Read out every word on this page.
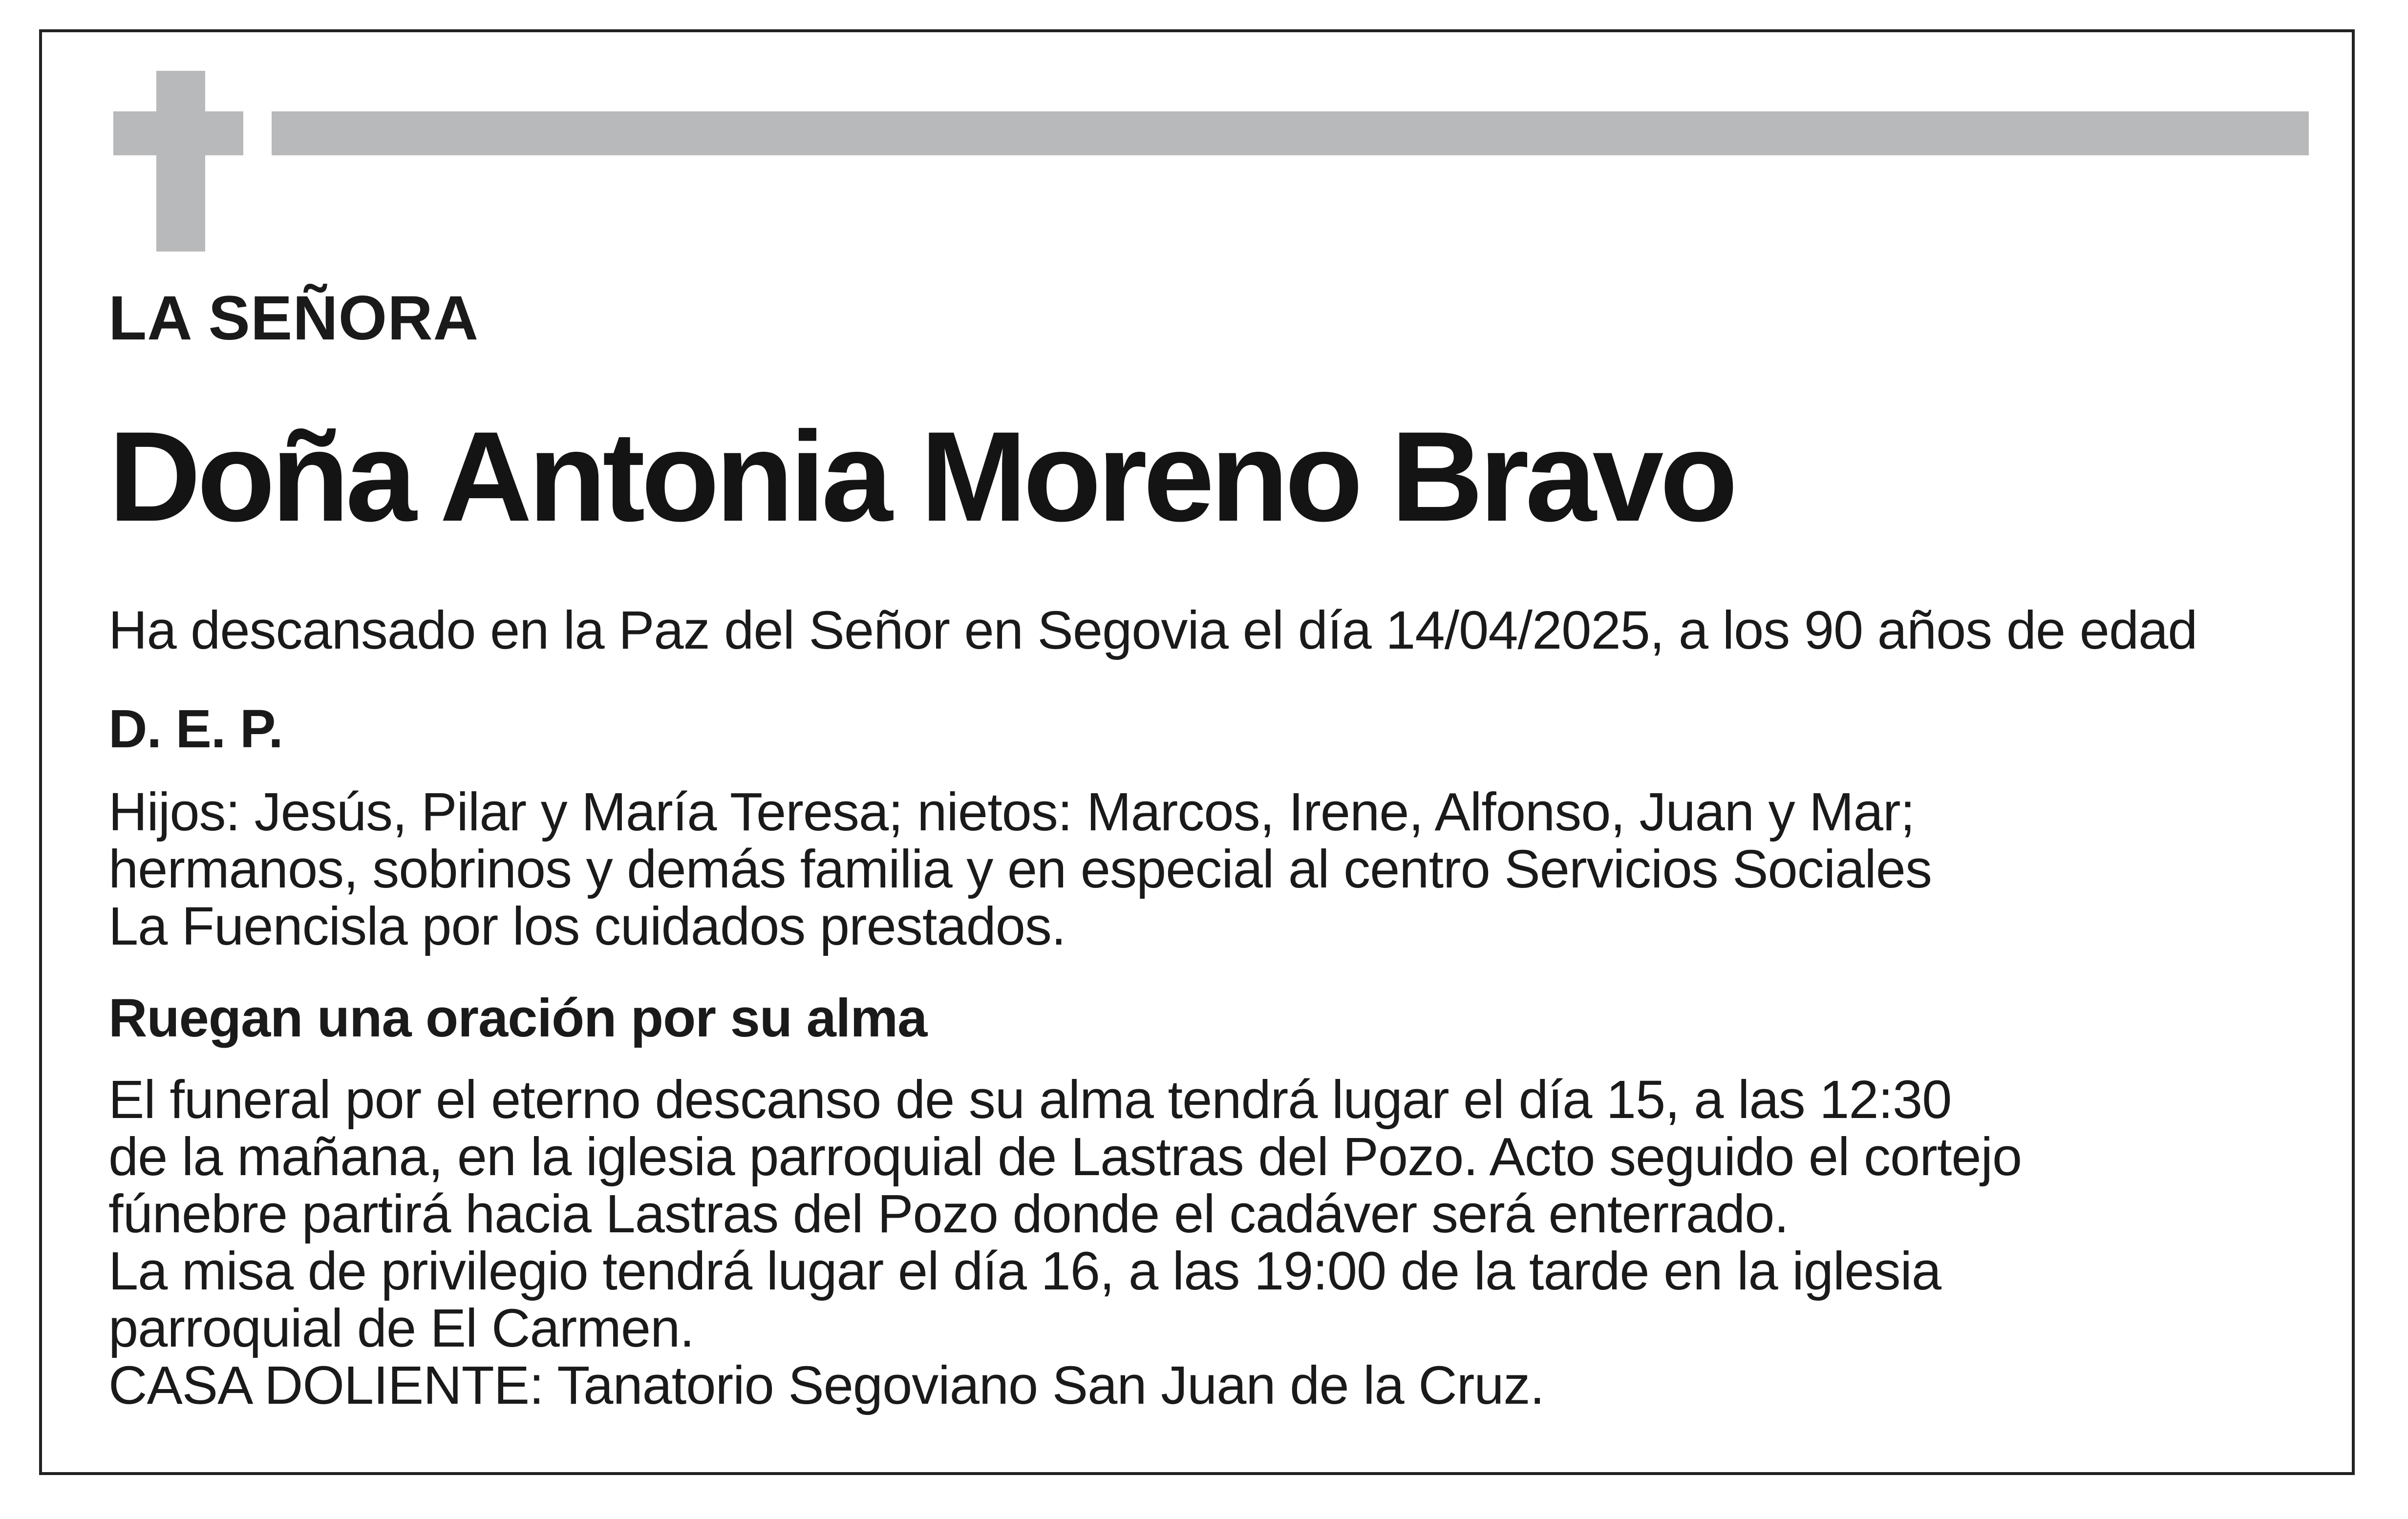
LA SEÑORA
Doña Antonia Moreno Bravo
Ha descansado en la Paz del Señor en Segovia el día 14/04/2025, a los 90 años de edad
D. E. P.
Hijos: Jesús, Pilar y María Teresa; nietos: Marcos, Irene, Alfonso, Juan y Mar;
hermanos, sobrinos y demás familia y en especial al centro Servicios Sociales
La Fuencisla por los cuidados prestados.
Ruegan una oración por su alma
El funeral por el eterno descanso de su alma tendrá lugar el día 15, a las 12:30
de la mañana, en la iglesia parroquial de Lastras del Pozo. Acto seguido el cortejo
fúnebre partirá hacia Lastras del Pozo donde el cadáver será enterrado.
La misa de privilegio tendrá lugar el día 16, a las 19:00 de la tarde en la iglesia
parroquial de El Carmen.
CASA DOLIENTE: Tanatorio Segoviano San Juan de la Cruz.
